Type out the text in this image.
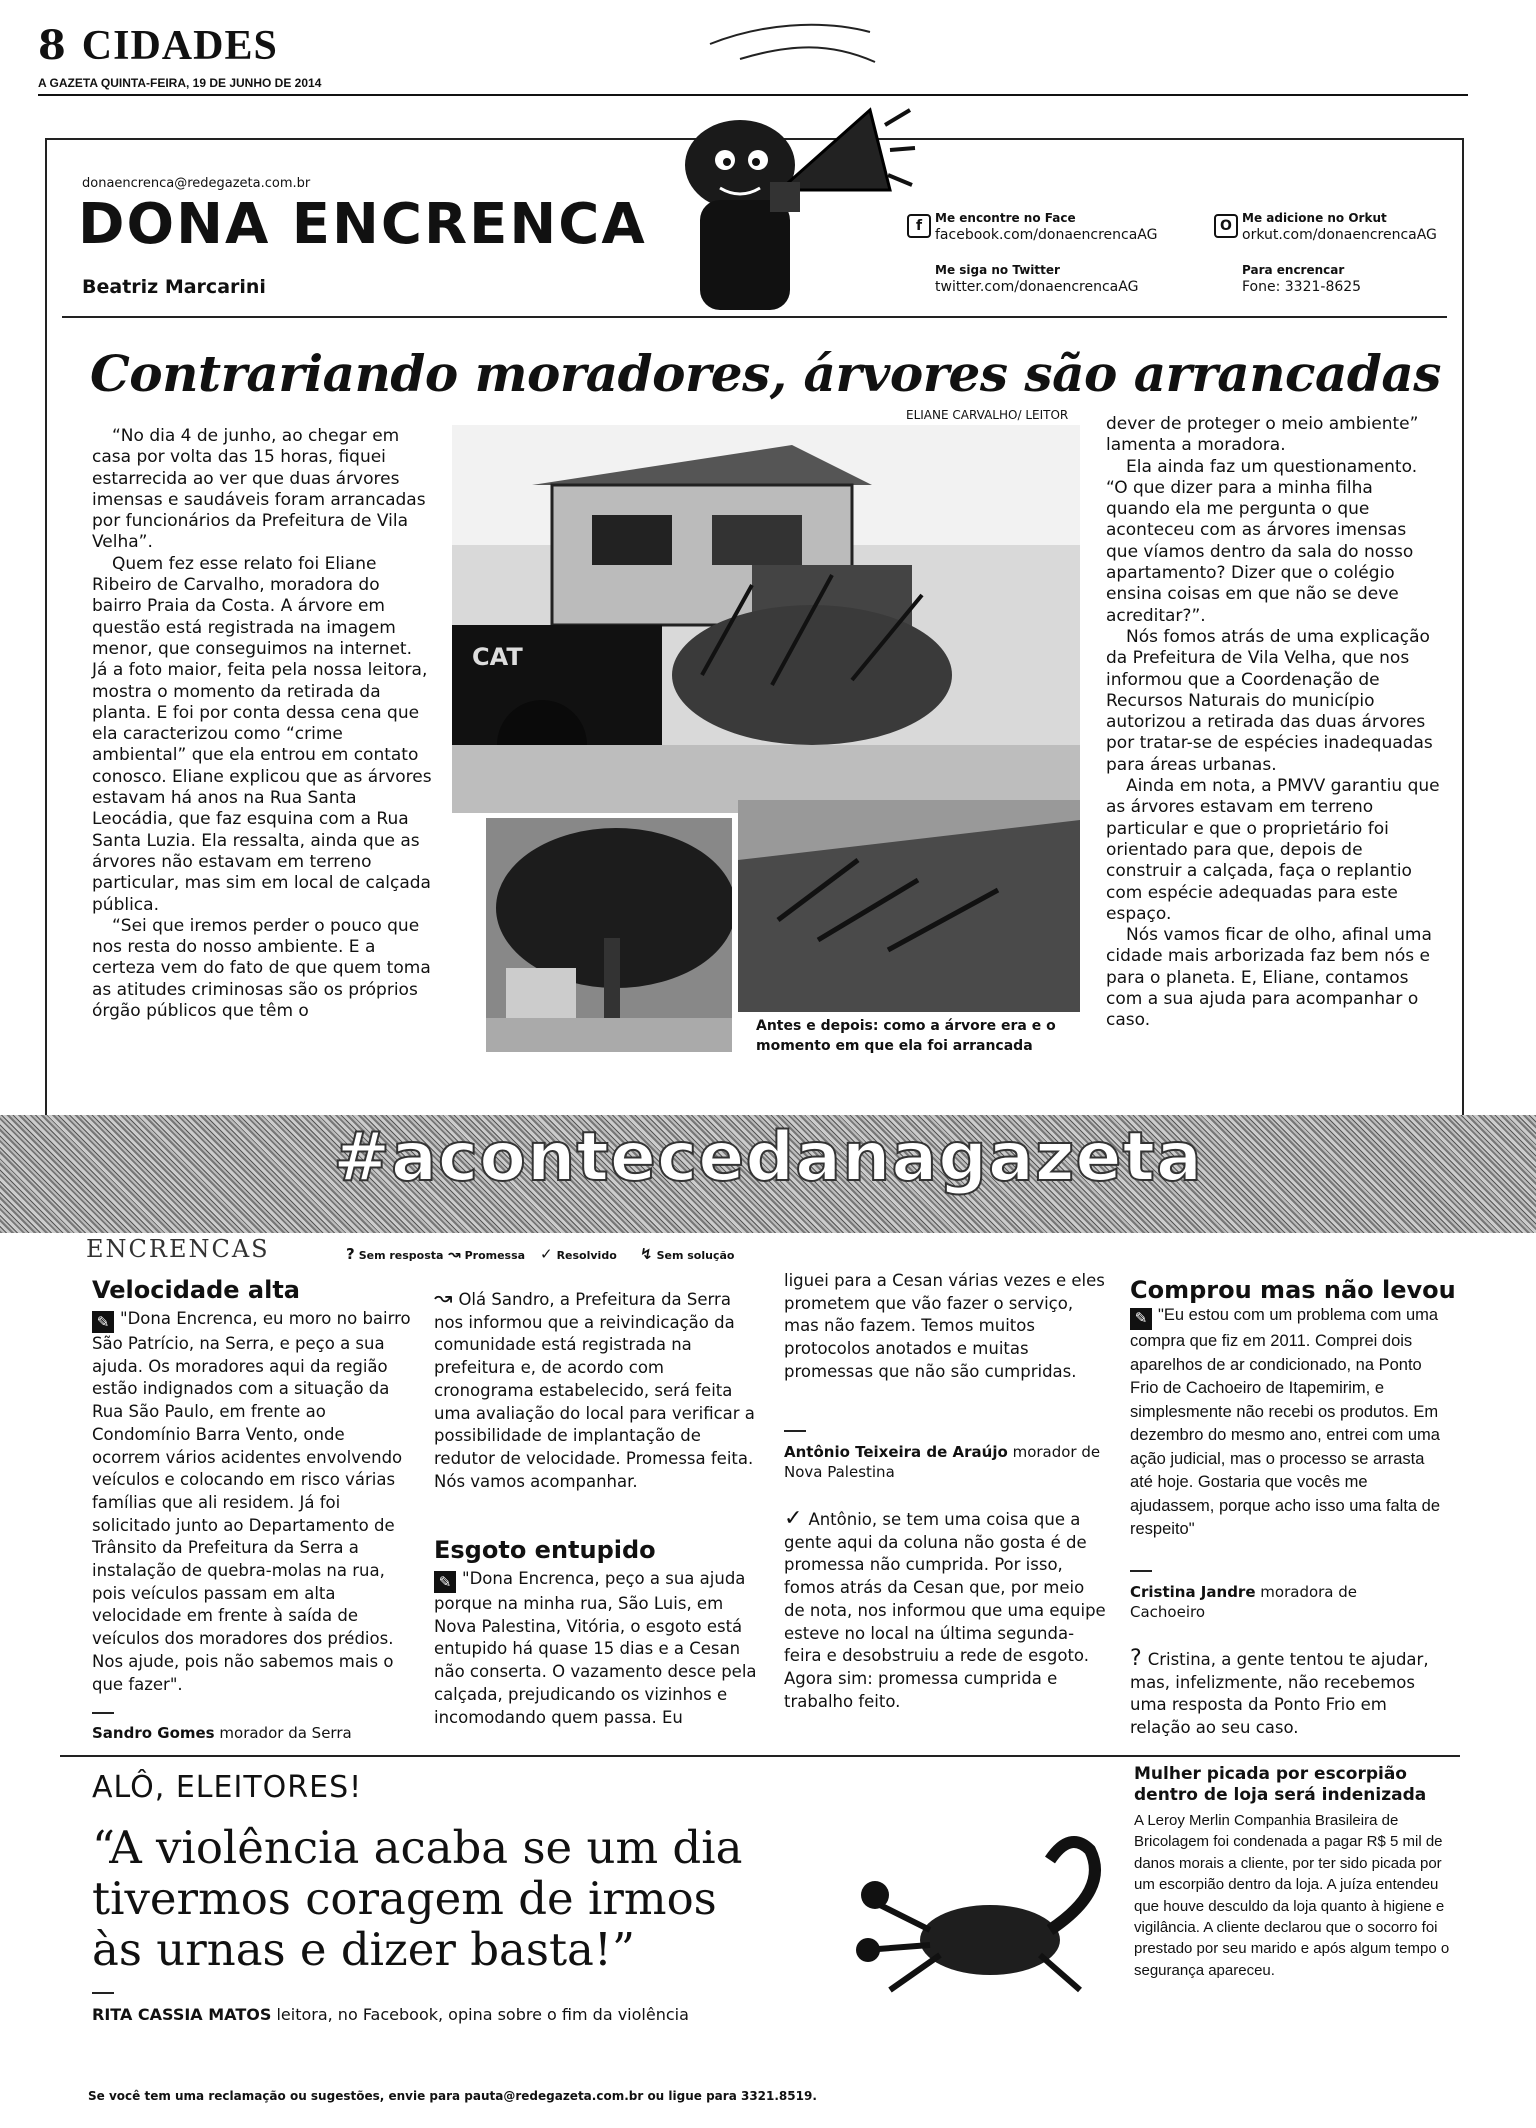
8 CIDADES
A GAZETA QUINTA-FEIRA, 19 DE JUNHO DE 2014
donaencrenca@redegazeta.com.br
DONA ENCRENCA
Beatriz Marcarini
f	Me encontre no Face
facebook.com/donaencrencaAG
Me siga no Twitter
twitter.com/donaencrencaAG
O Me adicione no Orkut
orkut.com/donaencrencaAG
Para encrencar
Fone: 3321-8625
Contrariando moradores, árvores são arrancadas
ELIANE CARVALHO/ LEITOR

“No dia 4 de junho, ao chegar em casa por volta das 15 horas, fiquei estarrecida ao ver que duas árvores imensas e saudáveis foram arrancadas por funcionários da Prefeitura de Vila Velha”.

Quem fez esse relato foi Eliane Ribeiro de Carvalho, moradora do bairro Praia da Costa. A árvore em questão está registrada na imagem menor, que conseguimos na internet. Já a foto maior, feita pela nossa leitora, mostra o momento da retirada da planta. E foi por conta dessa cena que ela caracterizou como “crime ambiental” que ela entrou em contato conosco. Eliane explicou que as árvores estavam há anos na Rua Santa Leocádia, que faz esquina com a Rua Santa Luzia. Ela ressalta, ainda que as árvores não estavam em terreno particular, mas sim em local de calçada pública.

“Sei que iremos perder o pouco que nos resta do nosso ambiente. E a certeza vem do fato de que quem toma as atitudes criminosas são os próprios órgão públicos que têm o

CAT
Antes e depois: como a árvore era e o momento em que ela foi arrancada

dever de proteger o meio ambiente” lamenta a moradora.

Ela ainda faz um questionamento. “O que dizer para a minha filha quando ela me pergunta o que aconteceu com as árvores imensas que víamos dentro da sala do nosso apartamento? Dizer que o colégio ensina coisas em que não se deve acreditar?”.

Nós fomos atrás de uma explicação da Prefeitura de Vila Velha, que nos informou que a Coordenação de Recursos Naturais do município autorizou a retirada das duas árvores por tratar-se de espécies inadequadas para áreas urbanas.

Ainda em nota, a PMVV garantiu que as árvores estavam em terreno particular e que o proprietário foi orientado para que, depois de construir a calçada, faça o replantio com espécie adequadas para este espaço.

Nós vamos ficar de olho, afinal uma cidade mais arborizada faz bem nós e para o planeta. E, Eliane, contamos com a sua ajuda para acompanhar o caso.

#acontecedanagazeta
ENCRENCAS	? Sem resposta ↝ Promessa ✓ Resolvido ↯ Sem solução
Velocidade alta

✎ "Dona Encrenca, eu moro no bairro São Patrício, na Serra, e peço a sua ajuda. Os moradores aqui da região estão indignados com a situação da Rua São Paulo, em frente ao Condomínio Barra Vento, onde ocorrem vários acidentes envolvendo veículos e colocando em risco várias famílias que ali residem. Já foi solicitado junto ao Departamento de Trânsito da Prefeitura da Serra a instalação de quebra-molas na rua, pois veículos passam em alta velocidade em frente à saída de veículos dos moradores dos prédios. Nos ajude, pois não sabemos mais o que fazer".

Sandro Gomes morador da Serra

↝ Olá Sandro, a Prefeitura da Serra nos informou que a reivindicação da comunidade está registrada na prefeitura e, de acordo com cronograma estabelecido, será feita uma avaliação do local para verificar a possibilidade de implantação de redutor de velocidade. Promessa feita. Nós vamos acompanhar.

Esgoto entupido

✎ "Dona Encrenca, peço a sua ajuda porque na minha rua, São Luis, em Nova Palestina, Vitória, o esgoto está entupido há quase 15 dias e a Cesan não conserta. O vazamento desce pela calçada, prejudicando os vizinhos e incomodando quem passa. Eu

liguei para a Cesan várias vezes e eles prometem que vão fazer o serviço, mas não fazem. Temos muitos protocolos anotados e muitas promessas que não são cumpridas.

Antônio Teixeira de Araújo morador de Nova Palestina

✓ Antônio, se tem uma coisa que a gente aqui da coluna não gosta é de promessa não cumprida. Por isso, fomos atrás da Cesan que, por meio de nota, nos informou que uma equipe esteve no local na última segunda-feira e desobstruiu a rede de esgoto. Agora sim: promessa cumprida e trabalho feito.

Comprou mas não levou

✎ "Eu estou com um problema com uma compra que fiz em 2011. Comprei dois aparelhos de ar condicionado, na Ponto Frio de Cachoeiro de Itapemirim, e simplesmente não recebi os produtos. Em dezembro do mesmo ano, entrei com uma ação judicial, mas o processo se arrasta até hoje. Gostaria que vocês me ajudassem, porque acho isso uma falta de respeito"

Cristina Jandre moradora de Cachoeiro

? Cristina, a gente tentou te ajudar, mas, infelizmente, não recebemos uma resposta da Ponto Frio em relação ao seu caso.

ALÔ, ELEITORES!
“A violência acaba se um dia tivermos coragem de irmos às urnas e dizer basta!”
RITA CASSIA MATOS leitora, no Facebook, opina sobre o fim da violência
Mulher picada por escorpião dentro de loja será indenizada
A Leroy Merlin Companhia Brasileira de Bricolagem foi condenada a pagar R$ 5 mil de danos morais a cliente, por ter sido picada por um escorpião dentro da loja. A juíza entendeu que houve desculdo da loja quanto à higiene e vigilância. A cliente declarou que o socorro foi prestado por seu marido e após algum tempo o segurança apareceu.
Se você tem uma reclamação ou sugestões, envie para pauta@redegazeta.com.br ou ligue para 3321.8519.
